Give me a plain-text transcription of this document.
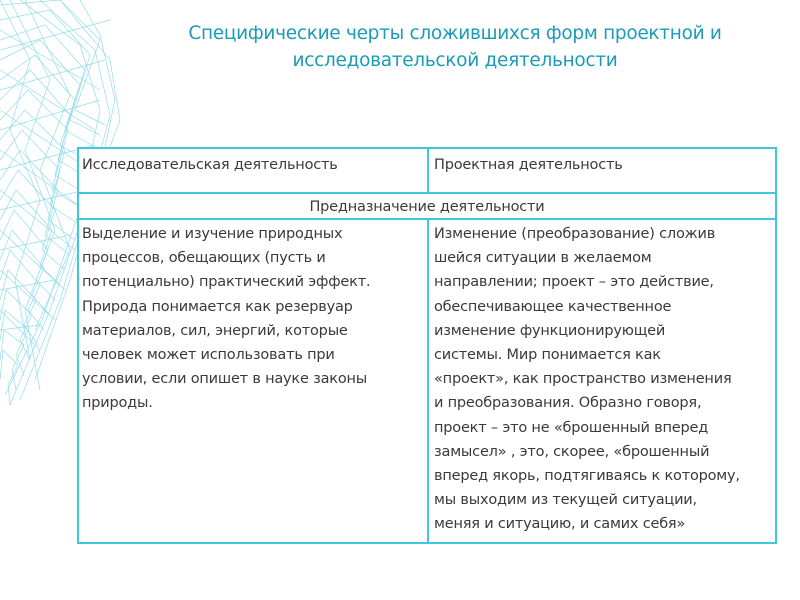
Специфические черты сложившихся форм проектной и
исследовательской деятельности
Исследовательская деятельность	Проектная деятельность
Предназначение деятельности
Выделение и изучение природных
процессов, обещающих (пусть и
потенциально) практический эффект.
Природа понимается как резервуар
материалов, сил, энергий, которые
человек может использовать при
условии, если опишет в науке законы
природы.
Изменение (преобразование) сложив
шейся ситуации в желаемом
направлении; проект – это действие,
обеспечивающее качественное
изменение функционирующей
системы. Мир понимается как
«проект», как пространство изменения
и преобразования. Образно говоря,
проект – это не «брошенный вперед
замысел» , это, скорее, «брошенный
вперед якорь, подтягиваясь к которому,
мы выходим из текущей ситуации,
меняя и ситуацию, и самих себя»
